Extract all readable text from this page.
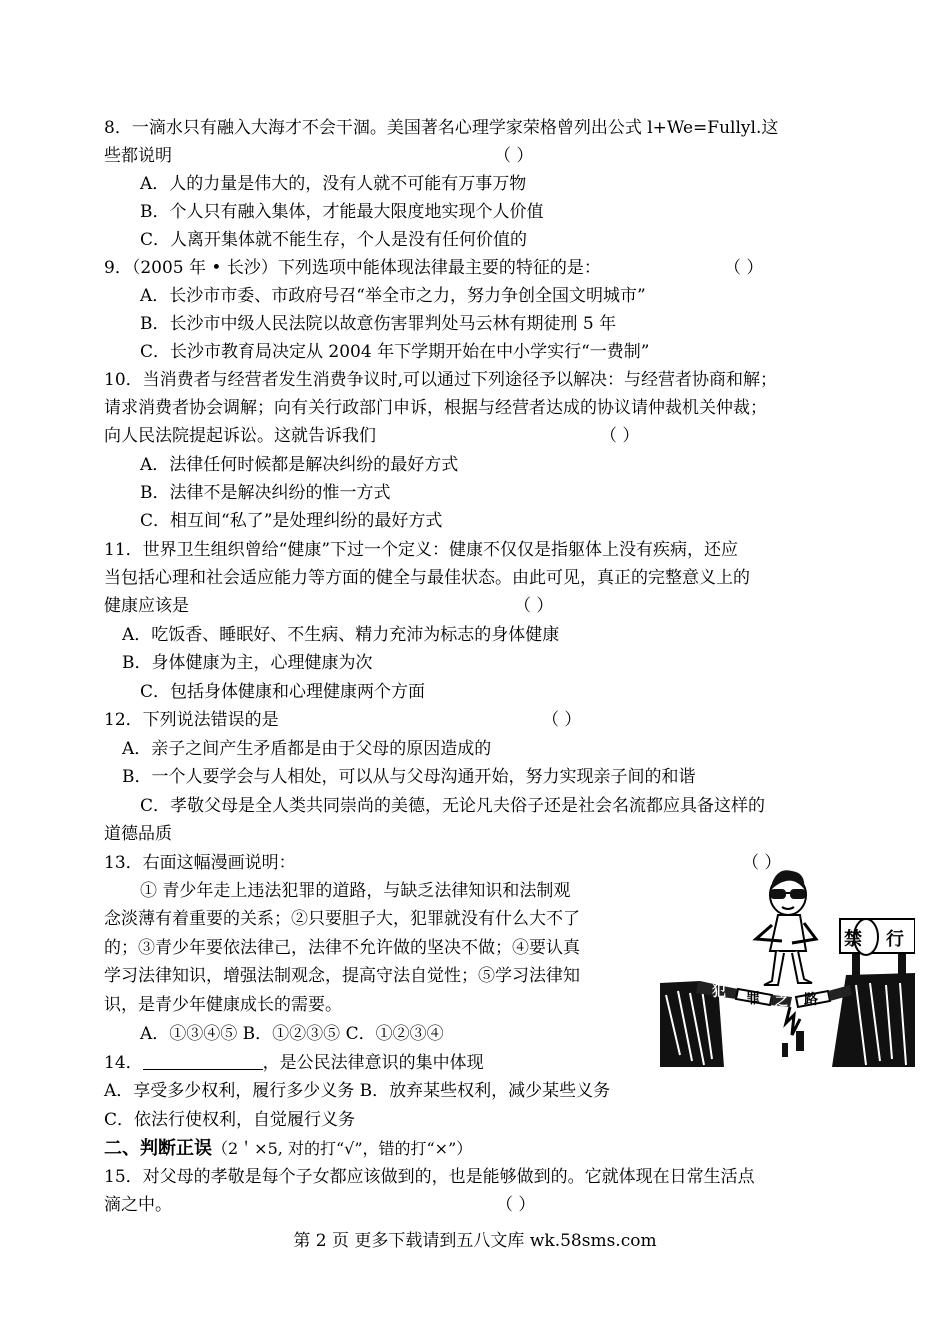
8．一滴水只有融入大海才不会干涸。美国著名心理学家荣格曾列出公式 l+We=Fullyl.这
些都说明	（ ）
A．人的力量是伟大的，没有人就不可能有万事万物
B．个人只有融入集体，才能最大限度地实现个人价值
C．人离开集体就不能生存，个人是没有任何价值的
9．（2005 年 • 长沙）下列选项中能体现法律最主要的特征的是：	（ ）
A．长沙市市委、市政府号召“举全市之力，努力争创全国文明城市”
B．长沙市中级人民法院以故意伤害罪判处马云林有期徒刑 5 年
C．长沙市教育局决定从 2004 年下学期开始在中小学实行“一费制”
10．当消费者与经营者发生消费争议时,可以通过下列途径予以解决：与经营者协商和解；
请求消费者协会调解；向有关行政部门申诉，根据与经营者达成的协议请仲裁机关仲裁；
向人民法院提起诉讼。这就告诉我们	（ ）
A．法律任何时候都是解决纠纷的最好方式
B．法律不是解决纠纷的惟一方式
C．相互间“私了”是处理纠纷的最好方式
11．世界卫生组织曾给“健康”下过一个定义：健康不仅仅是指躯体上没有疾病，还应
当包括心理和社会适应能力等方面的健全与最佳状态。由此可见，真正的完整意义上的
健康应该是	（ ）
A．吃饭香、睡眠好、不生病、精力充沛为标志的身体健康
B．身体健康为主，心理健康为次
C．包括身体健康和心理健康两个方面
12．下列说法错误的是	（ ）
A．亲子之间产生矛盾都是由于父母的原因造成的
B．一个人要学会与人相处，可以从与父母沟通开始，努力实现亲子间的和谐
C．孝敬父母是全人类共同崇尚的美德，无论凡夫俗子还是社会名流都应具备这样的
道德品质
13．右面这幅漫画说明：	（ ）
① 青少年走上违法犯罪的道路，与缺乏法律知识和法制观
念淡薄有着重要的关系；②只要胆子大，犯罪就没有什么大不了
的；③青少年要依法律己，法律不允许做的坚决不做；④要认真
学习法律知识，增强法制观念，提高守法自觉性；⑤学习法律知
识，是青少年健康成长的需要。
A．①③④⑤ B．①②③⑤ C．①②③④
犯 罪 之 路
禁 行
14．	，是公民法律意识的集中体现
A．享受多少权利，履行多少义务 B．放弃某些权利，减少某些义务
C．依法行使权利，自觉履行义务
二、判断正误（2＇×5, 对的打“√”，错的打“×”）
15．对父母的孝敬是每个子女都应该做到的，也是能够做到的。它就体现在日常生活点
滴之中。	（ ）
第 2 页 更多下载请到五八文库 wk.58sms.com
